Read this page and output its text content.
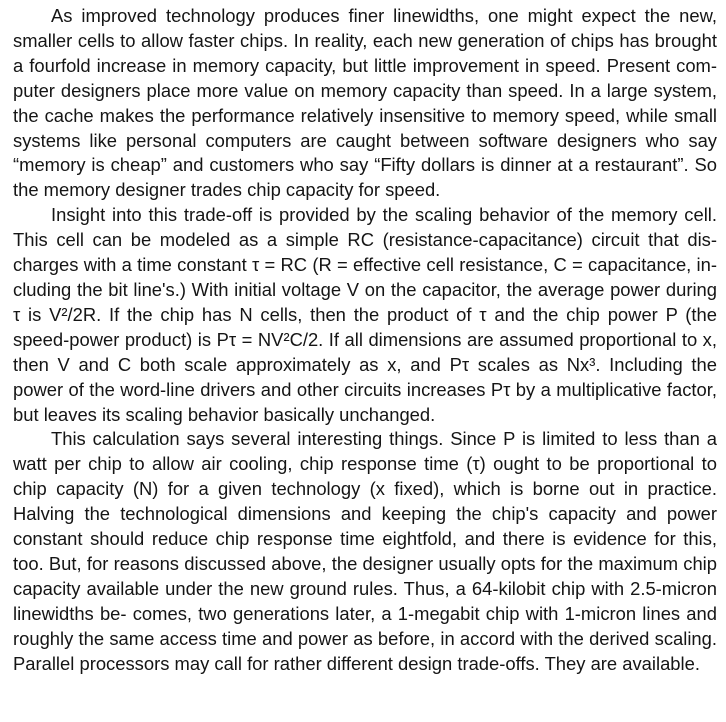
As improved technology produces finer linewidths, one might expect the new, smaller cells to allow faster chips. In reality, each new generation of chips has brought a fourfold increase in memory capacity, but little improvement in speed. Present com- puter designers place more value on memory capacity than speed. In a large system, the cache makes the performance relatively insensitive to memory speed, while small systems like personal computers are caught between software designers who say “memory is cheap” and customers who say “Fifty dollars is dinner at a restaurant”. So the memory designer trades chip capacity for speed.

Insight into this trade-off is provided by the scaling behavior of the memory cell. This cell can be modeled as a simple RC (resistance-capacitance) circuit that dis- charges with a time constant τ = RC (R = effective cell resistance, C = capacitance, in- cluding the bit line's.) With initial voltage V on the capacitor, the average power during τ is V²/2R. If the chip has N cells, then the product of τ and the chip power P (the speed-power product) is Pτ = NV²C/2. If all dimensions are assumed proportional to x, then V and C both scale approximately as x, and Pτ scales as Nx³. Including the power of the word-line drivers and other circuits increases Pτ by a multiplicative factor, but leaves its scaling behavior basically unchanged.

This calculation says several interesting things. Since P is limited to less than a watt per chip to allow air cooling, chip response time (τ) ought to be proportional to chip capacity (N) for a given technology (x fixed), which is borne out in practice. Halving the technological dimensions and keeping the chip's capacity and power constant should reduce chip response time eightfold, and there is evidence for this, too. But, for reasons discussed above, the designer usually opts for the maximum chip capacity available under the new ground rules. Thus, a 64-kilobit chip with 2.5-micron linewidths be- comes, two generations later, a 1-megabit chip with 1-micron lines and roughly the same access time and power as before, in accord with the derived scaling. Parallel processors may call for rather different design trade-offs. They are available.
